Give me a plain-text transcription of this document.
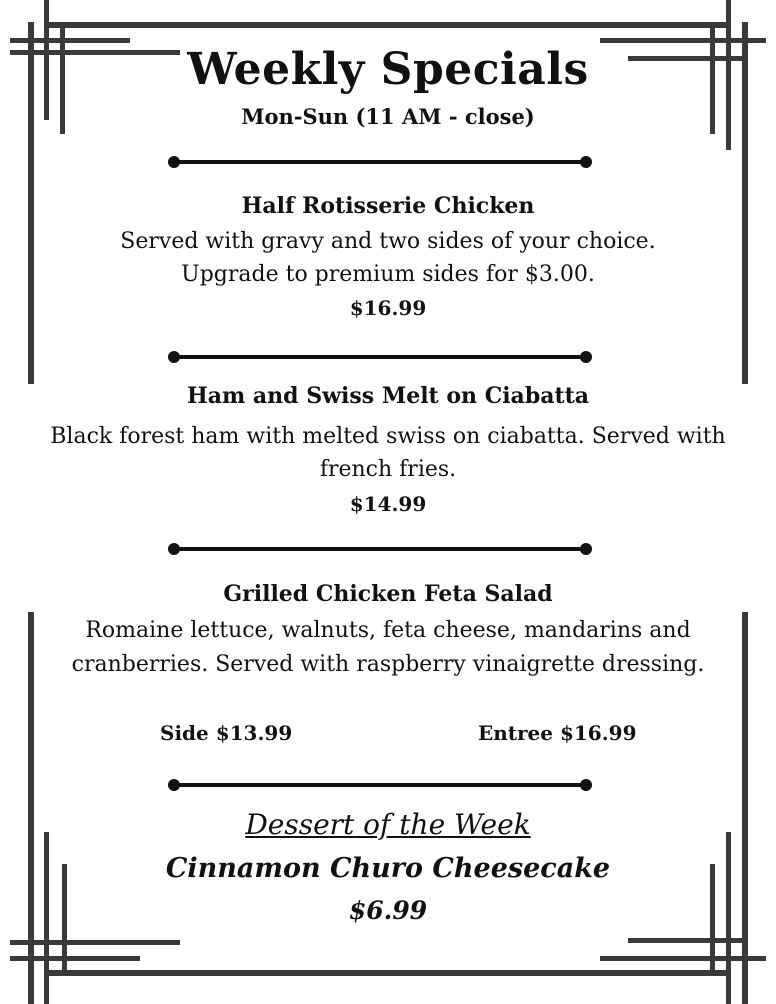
Weekly Specials
Mon-Sun (11 AM - close)
Half Rotisserie Chicken
Served with gravy and two sides of your choice.
Upgrade to premium sides for $3.00.
$16.99
Ham and Swiss Melt on Ciabatta
Black forest ham with melted swiss on ciabatta. Served with
french fries.
$14.99
Grilled Chicken Feta Salad
Romaine lettuce, walnuts, feta cheese, mandarins and
cranberries. Served with raspberry vinaigrette dressing.
Side $13.99	Entree $16.99
Dessert of the Week
Cinnamon Churo Cheesecake
$6.99
